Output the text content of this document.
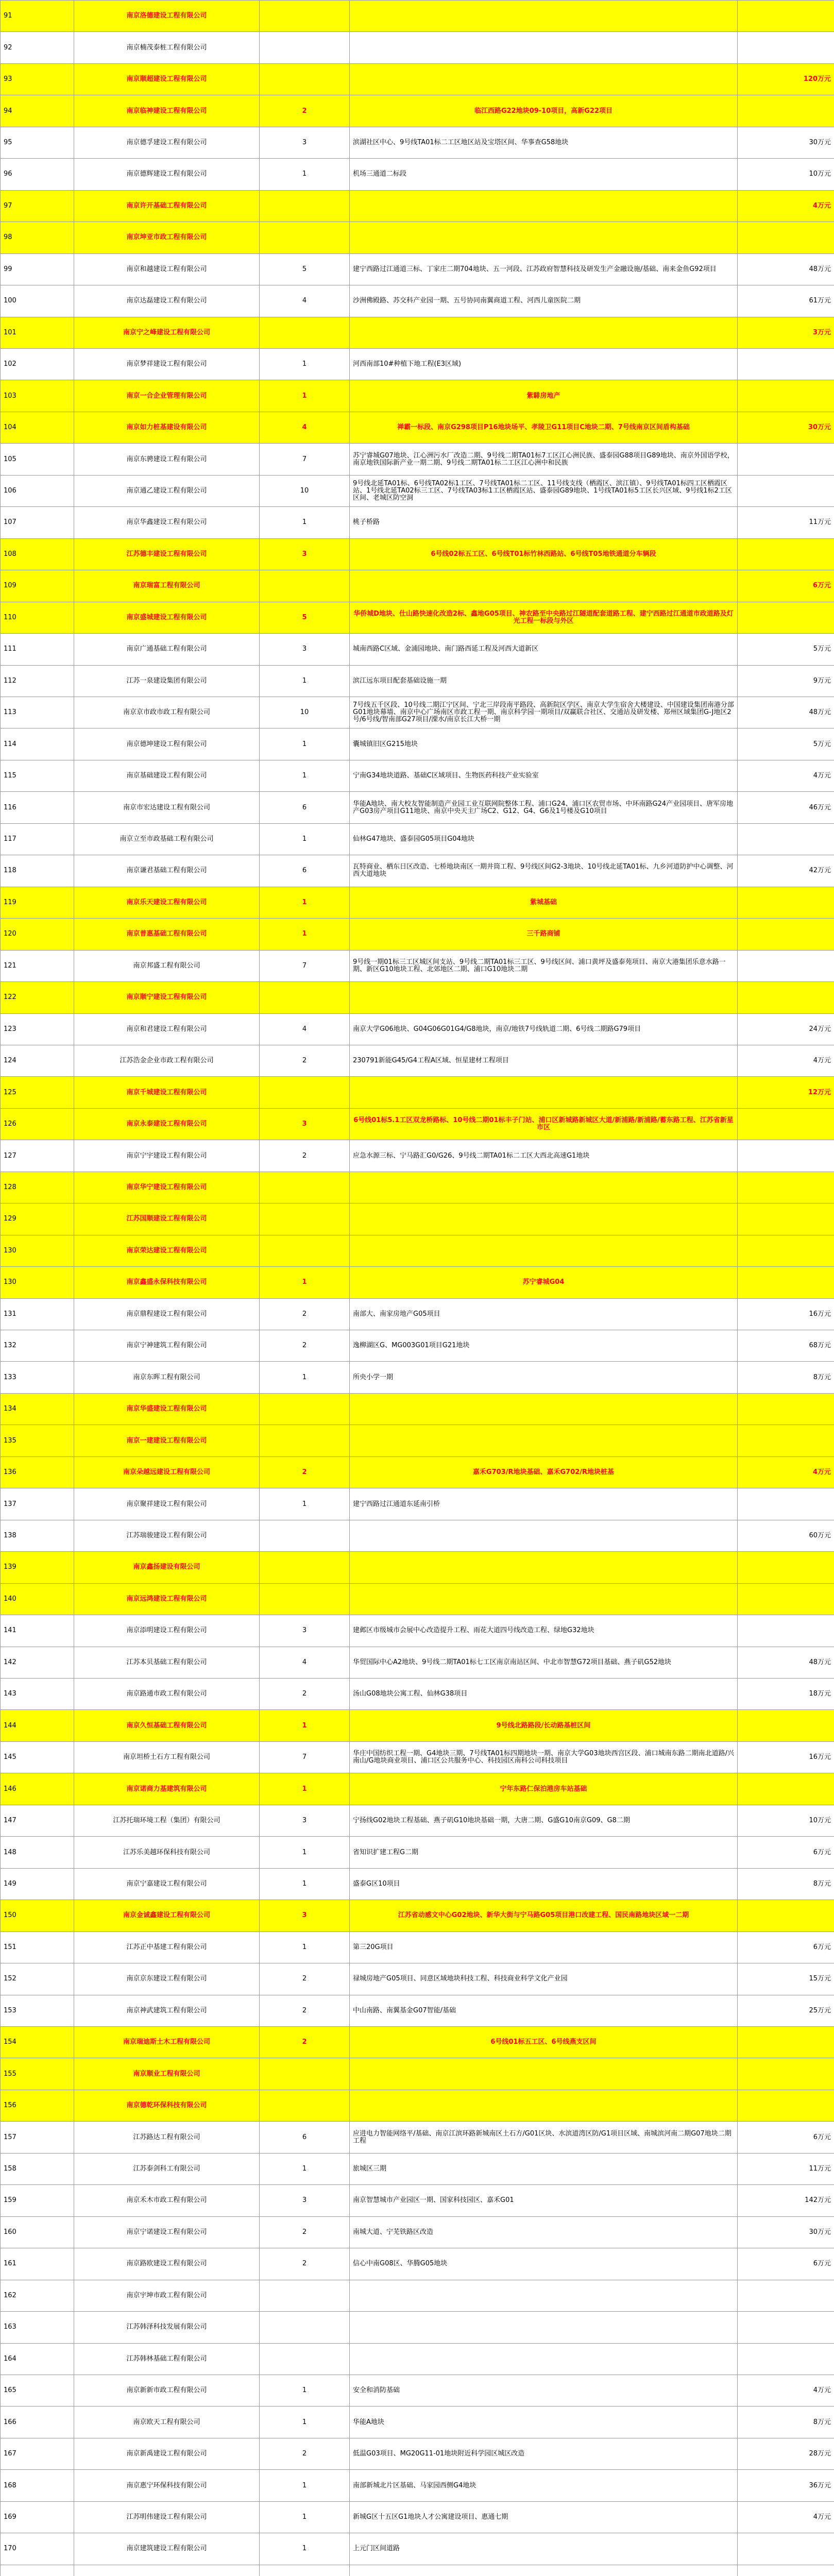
91	南京洛德建设工程有限公司			
92	南京楠茂泰桩工程有限公司			
93	南京顺超建设工程有限公司			120万元
94	南京临神建设工程有限公司	2	临江西路G22地块09-10项目，高新G22项目	
95	南京德孚建设工程有限公司	3	滨湖社区中心、9号线TA01标二工区地区站及宝塔区间、华事查G58地块	30万元
96	南京德辉建设工程有限公司	1	机场三通道二标段	10万元
97	南京许开基础工程有限公司			4万元
98	南京坤亚市政工程有限公司			
99	南京和越建设工程有限公司	5	建宁西路过江通道三标、丁家庄二期704地块、五一河段、江苏政府智慧科技及研发生产金融设施/基础、南来金鱼G92项目	48万元
100	南京达磊建设工程有限公司	4	沙洲佛殿路、苏交科产业园一期、五号协同南翼商道工程、河西儿童医院二期	61万元
101	南京宁之峰建设工程有限公司			3万元
102	南京梦祥建设工程有限公司	1	河西南部10#种植下地工程(E3区域)	
103	南京一合企业管理有限公司	1	紫騑房地产	
104	南京如力桩基建设有限公司	4	禅霸一标段、南京G298项目P16地块场平、孝陵卫G11项目C地块二期、7号线南京区间盾构基础	30万元
105	南京东骋建设工程有限公司	7	苏宁睿城G07地块、江心洲污水厂改造二期、9号线二期TA01标7工区江心洲民族、盛泰园G88项目G89地块、南京外国语学校，南京地铁国际新产业一期二期、9号线二期TA01标二工区江心洲中和民族	
106	南京通乙建设工程有限公司	10	9号线北延TA01标、6号线TA02标1工区、7号线TA01标二工区、11号线支线（栖霞区、滨江镇）、9号线TA01标四工区栖霞区站、1号线北延TA02标三工区、7号线TA03标1工区栖霞区站、盛泰园G89地块、1号线TA01标5工区长兴区域、9号线1标2工区区间、老城区防空洞	
107	南京华鑫建设工程有限公司	1	桃子桥路	11万元
108	江苏德丰建设工程有限公司	3	6号线02标五工区、6号线T01标竹林西路站、6号线T05地铁通道分车辆段	
109	南京瑞富工程有限公司			6万元
110	南京盛城建设工程有限公司	5	华侨城D地块、仕山路快速化改造2标、鑫地G05项目、神农路至中央路过江隧道配套道路工程、建宁西路过江通道市政道路及灯光工程一标段与外区	
111	南京广通基础工程有限公司	3	城南西路C区域、金浦园地块、南门路西延工程及河西大道新区	5万元
112	江苏一泉建设集团有限公司	1	滨江远东项目配套基础设施一期	9万元
113	南京京市政市政工程有限公司	10	7号线五千区段、10号线二期江宁区间、宁北三岸段南平路段、高新院区学区、南京大学生宿舍大楼建设、中国建设集团南港分部G01地块幕墙、南京中心广场南区市政工程一期、南京科学园一期项目/双赢联合社区、交通站及研发楼、郑州区域集团G-J地区2号/6号线/智南部G27项目/溧水/南京长江大桥一期	48万元
114	南京德坤建设工程有限公司	1	囊城镇旧区G215地块	5万元
115	南京基础建设工程有限公司	1	宁南G34地块道路、基础C区域项目、生物医药科技产业实验室	4万元
116	南京市宏达建设工程有限公司	6	华能A地块、南大校友智能制造产业园工业互联网院整体工程、浦口G24、浦口区农贸市场、中环南路G24产业园项目、唐军房地产G03房产项目G11地块、南京中央天主广场C2、G12、G4、G6及1号楼及G10项目	46万元
117	南京立至市政基础工程有限公司	1	仙林G47地块、盛泰园G05项目G04地块	
118	南京谦君基础工程有限公司	6	瓦特商业、栖东日区改造、七桥地块南区一期井筒工程、9号线区间G2-3地块、10号线北延TA01标、九乡河道防护中心调整、河西大道地块	42万元
119	南京乐天建设工程有限公司	1	紫城基础	
120	南京普惠基础工程有限公司	1	三千路商铺	
121	南京邦盛工程有限公司	7	9号线一期01标三工区城区间支站、9号线二期TA01标三工区、9号线区间、浦口黄坪及盛泰苑项目、南京大港集团乐意水路一期、新区G10地块工程、北郊地区二期、浦口G10地块二期	
122	南京顺宁建设工程有限公司			
123	南京和君建设工程有限公司	4	南京大学G06地块、G04G06G01G4/G8地块，南京/地铁7号线轨道二期、6号线二期路G79项目	24万元
124	江苏浩金企业市政工程有限公司	2	230791新能G45/G4工程A区域、恒星建材工程项目	4万元
125	南京千城建设工程有限公司			12万元
126	南京永泰建设工程有限公司	3	6号线01标5.1工区双龙桥路标、10号线二期01标丰子门站、浦口区新城路新城区大道/新浦路/新浦路/蓄东路工程、江苏省新星市区	
127	南京宁宇建设工程有限公司	2	应急水源三标、宁马路汇G0/G26、9号线二期TA01标二工区大西北高速G1地块	
128	南京华宁建设工程有限公司			
129	江苏国顺建设工程有限公司			
130	南京荣达建设工程有限公司			
130	南京鑫盛永保科技有限公司	1	苏宁睿城G04	
131	南京鼎程建设工程有限公司	2	南部大、南家房地产G05项目	16万元
132	南京宁神建筑工程有限公司	2	逸柳湖区G、MG003G01项目G21地块	68万元
133	南京东晖工程有限公司	1	所央小学一期	8万元
134	南京华盛建设工程有限公司			
135	南京一建建设工程有限公司			
136	南京朵越远建设工程有限公司	2	嘉禾G703/R地块基础、嘉禾G702/R地块桩基	4万元
137	南京聚祥建设工程有限公司	1	建宁西路过江通道东延南引桥	
138	江苏瑞骏建设工程有限公司			60万元
139	南京鑫扬建设有限公司			
140	南京远鸿建设工程有限公司			
141	南京添明建设工程有限公司	3	建邺区市级城市会展中心改造提升工程、雨花大道四号线改造工程、绿地G32地块	
142	江苏本贝基础工程有限公司	4	华贸国际中心A2地块、9号线二期TA01标七工区南京南站区间、中北市智慧G72项目基础、燕子矶G52地块	48万元
143	南京路通市政工程有限公司	2	汤山G08地块公寓工程、仙林G38项目	18万元
144	南京久恒基础工程有限公司	1	9号线北路路段/长动路基桩区间	
145	南京坦桥土石方工程有限公司	7	华庄中国纺织工程一期、G4地块三期、7号线TA01标四期地块一期、南京大学G03地块西宫区段、浦口城南东路二期南北道路/兴南山/G地块商业项目、浦口区公共服务中心、科技园区南科公司科技项目	16万元
146	南京诺商力基建筑有限公司	1	宁年东路仁保泊港房车站基础	
147	江苏托瑞环境工程（集团）有限公司	3	宁扬线G02地块工程基础、燕子矶G10地块基础一期，大唐二期、G盛G10南京G09、G8二期	10万元
148	江苏乐美越环保科技有限公司	1	省知识扩建工程G二期	6万元
149	南京宁嘉建设工程有限公司	1	盛泰G区10项目	8万元
150	南京金诚鑫建设工程有限公司	3	江苏省动感文中心G02地块、新华大街与宁马路G05项目港口改建工程、国民南路地块区域一二期	
151	江苏正中基建工程有限公司	1	第三20G项目	6万元
152	南京京东建设工程有限公司	2	禄城房地产G05项目、同意区域地块科技工程、科技商业科学文化产业园	15万元
153	南京神武建筑工程有限公司	2	中山南路、南翼基金G07智能/基础	25万元
154	南京瑞迪斯土木工程有限公司	2	6号线01标五工区、6号线燕支区间	
155	南京顺业工程有限公司			
156	南京德乾环保科技有限公司			
157	江苏路达工程有限公司	6	应进电力智能网络平/基础、南京江滨环路新城南区土石方/G01区块、水滨道湾区防/G1项目区域、南城滨河南二期G07地块二期工程	6万元
158	江苏泰剑科工有限公司	1	旅城区三期	11万元
159	南京禾木市政工程有限公司	3	南京智慧城市产业园区一期、国家科技园区、嘉禾G01	142万元
160	南京宁诺建设工程有限公司	2	南城大道、宁芜铁路区改造	30万元
161	南京路欧建设工程有限公司	2	信心中南G08区、华腾G05地块	6万元
162	南京宇坤市政工程有限公司			
163	江苏韩泽科技发展有限公司			
164	江苏韩林基础工程有限公司			
165	南京新新市政工程有限公司	1	安全和消防基础	4万元
166	南京欧天工程有限公司	1	华能A地块	8万元
167	南京新禹建设工程有限公司	2	低温G03项目、MG20G11-01地块附近科学园区城区改造	28万元
168	南京惠宁环保科技有限公司	1	南部新城北片区基础、马家园西侧G4地块	36万元
169	江苏明伟建设工程有限公司	1	新城G区十五区G1地块人才公寓建设项目、惠通七期	4万元
170	南京建筑建设工程有限公司	1	上元门区间道路	
